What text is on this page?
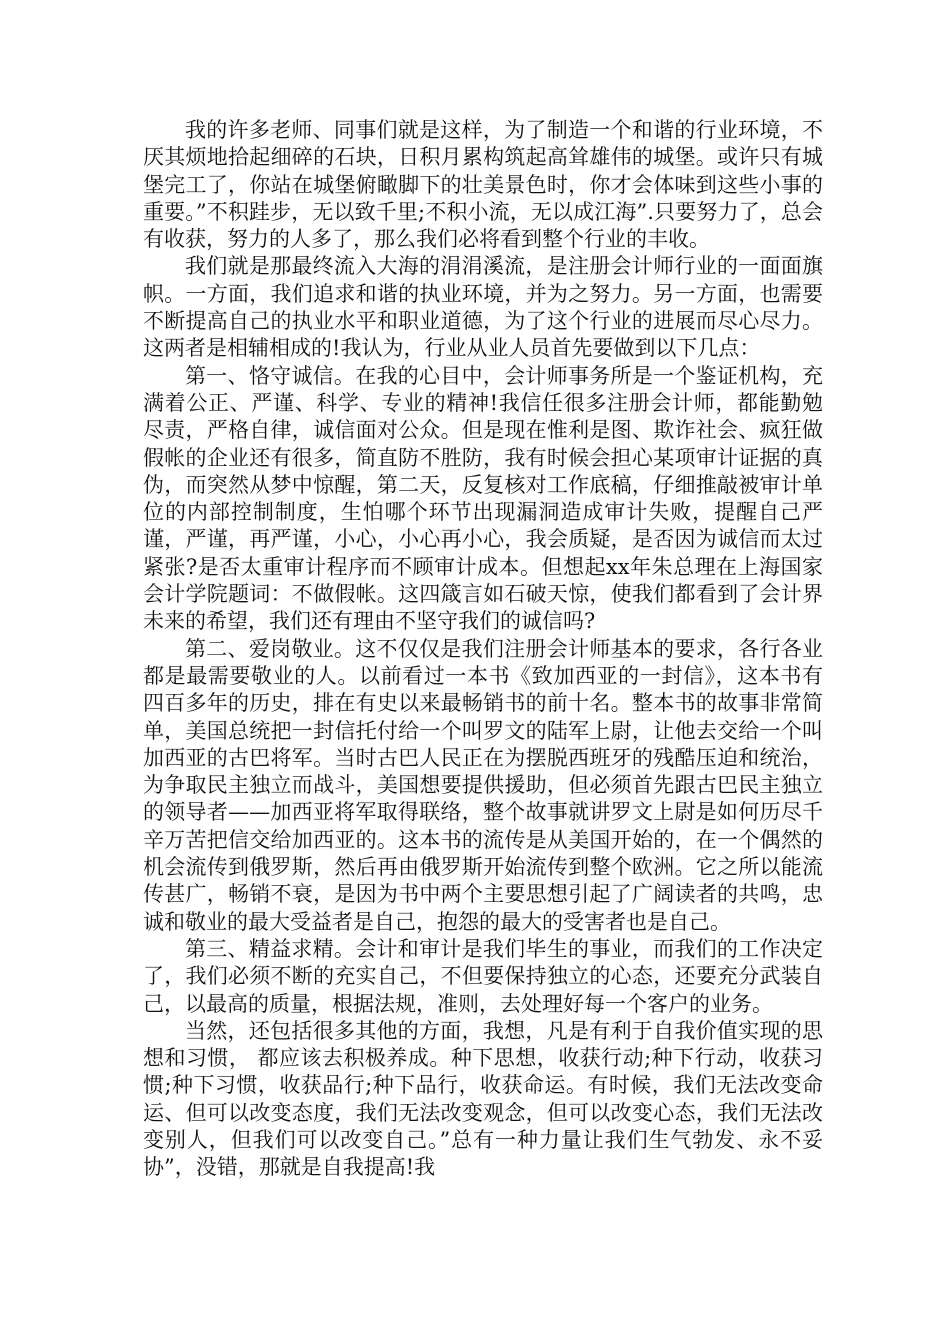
我的许多老师、同事们就是这样，为了制造一个和谐的行业环境，不厌其烦地拾起细碎的石块，日积月累构筑起高耸雄伟的城堡。或许只有城堡完工了，你站在城堡俯瞰脚下的壮美景色时，你才会体味到这些小事的重要。”不积跬步，无以致千里;不积小流，无以成江海”.只要努力了，总会有收获，努力的人多了，那么我们必将看到整个行业的丰收。

我们就是那最终流入大海的涓涓溪流，是注册会计师行业的一面面旗帜。一方面，我们追求和谐的执业环境，并为之努力。另一方面，也需要不断提高自己的执业水平和职业道德，为了这个行业的进展而尽心尽力。这两者是相辅相成的!我认为，行业从业人员首先要做到以下几点：

第一、恪守诚信。在我的心目中，会计师事务所是一个鉴证机构，充满着公正、严谨、科学、专业的精神!我信任很多注册会计师，都能勤勉尽责，严格自律，诚信面对公众。但是现在惟利是图、欺诈社会、疯狂做假帐的企业还有很多，简直防不胜防，我有时候会担心某项审计证据的真伪，而突然从梦中惊醒，第二天，反复核对工作底稿，仔细推敲被审计单位的内部控制制度，生怕哪个环节出现漏洞造成审计失败，提醒自己严谨，严谨，再严谨，小心，小心再小心，我会质疑，是否因为诚信而太过紧张?是否太重审计程序而不顾审计成本。但想起xx年朱总理在上海国家会计学院题词：不做假帐。这四箴言如石破天惊，使我们都看到了会计界未来的希望，我们还有理由不坚守我们的诚信吗?

第二、爱岗敬业。这不仅仅是我们注册会计师基本的要求，各行各业都是最需要敬业的人。以前看过一本书《致加西亚的一封信》，这本书有四百多年的历史，排在有史以来最畅销书的前十名。整本书的故事非常简单，美国总统把一封信托付给一个叫罗文的陆军上尉，让他去交给一个叫加西亚的古巴将军。当时古巴人民正在为摆脱西班牙的残酷压迫和统治，为争取民主独立而战斗，美国想要提供援助，但必须首先跟古巴民主独立的领导者——加西亚将军取得联络，整个故事就讲罗文上尉是如何历尽千辛万苦把信交给加西亚的。这本书的流传是从美国开始的，在一个偶然的机会流传到俄罗斯，然后再由俄罗斯开始流传到整个欧洲。它之所以能流传甚广，畅销不衰，是因为书中两个主要思想引起了广阔读者的共鸣，忠诚和敬业的最大受益者是自己，抱怨的最大的受害者也是自己。

第三、精益求精。会计和审计是我们毕生的事业，而我们的工作决定了，我们必须不断的充实自己，不但要保持独立的心态，还要充分武装自己，以最高的质量，根据法规，准则，去处理好每一个客户的业务。

当然，还包括很多其他的方面，我想，凡是有利于自我价值实现的思想和习惯， 都应该去积极养成。种下思想，收获行动;种下行动，收获习惯;种下习惯，收获品行;种下品行，收获命运。有时候，我们无法改变命运、但可以改变态度，我们无法改变观念，但可以改变心态，我们无法改变别人，但我们可以改变自己。”总有一种力量让我们生气勃发、永不妥协”，没错，那就是自我提高!我
